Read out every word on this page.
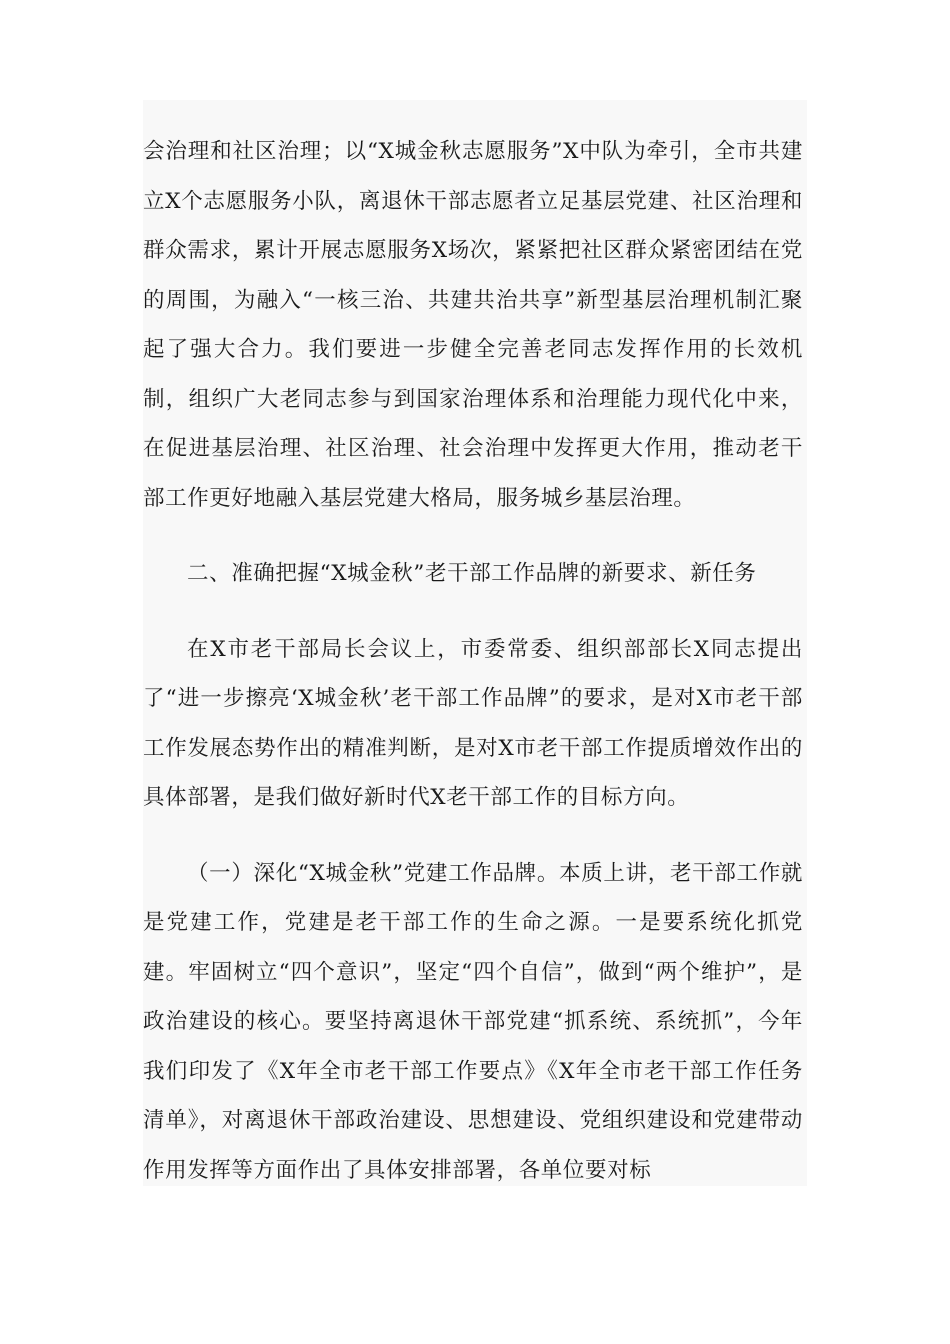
会治理和社区治理；以“X城金秋志愿服务”X中队为牵引，全市共建立X个志愿服务小队，离退休干部志愿者立足基层党建、社区治理和群众需求，累计开展志愿服务X场次，紧紧把社区群众紧密团结在党的周围，为融入“一核三治、共建共治共享”新型基层治理机制汇聚起了强大合力。我们要进一步健全完善老同志发挥作用的长效机制，组织广大老同志参与到国家治理体系和治理能力现代化中来，在促进基层治理、社区治理、社会治理中发挥更大作用，推动老干部工作更好地融入基层党建大格局，服务城乡基层治理。

二、准确把握“X城金秋”老干部工作品牌的新要求、新任务

在X市老干部局长会议上，市委常委、组织部部长X同志提出了“进一步擦亮‘X城金秋’老干部工作品牌”的要求，是对X市老干部工作发展态势作出的精准判断，是对X市老干部工作提质增效作出的具体部署，是我们做好新时代X老干部工作的目标方向。

（一）深化“X城金秋”党建工作品牌。本质上讲，老干部工作就是党建工作，党建是老干部工作的生命之源。一是要系统化抓党建。牢固树立“四个意识”，坚定“四个自信”，做到“两个维护”，是政治建设的核心。要坚持离退休干部党建“抓系统、系统抓”，今年我们印发了《X年全市老干部工作要点》《X年全市老干部工作任务清单》，对离退休干部政治建设、思想建设、党组织建设和党建带动作用发挥等方面作出了具体安排部署，各单位要对标
